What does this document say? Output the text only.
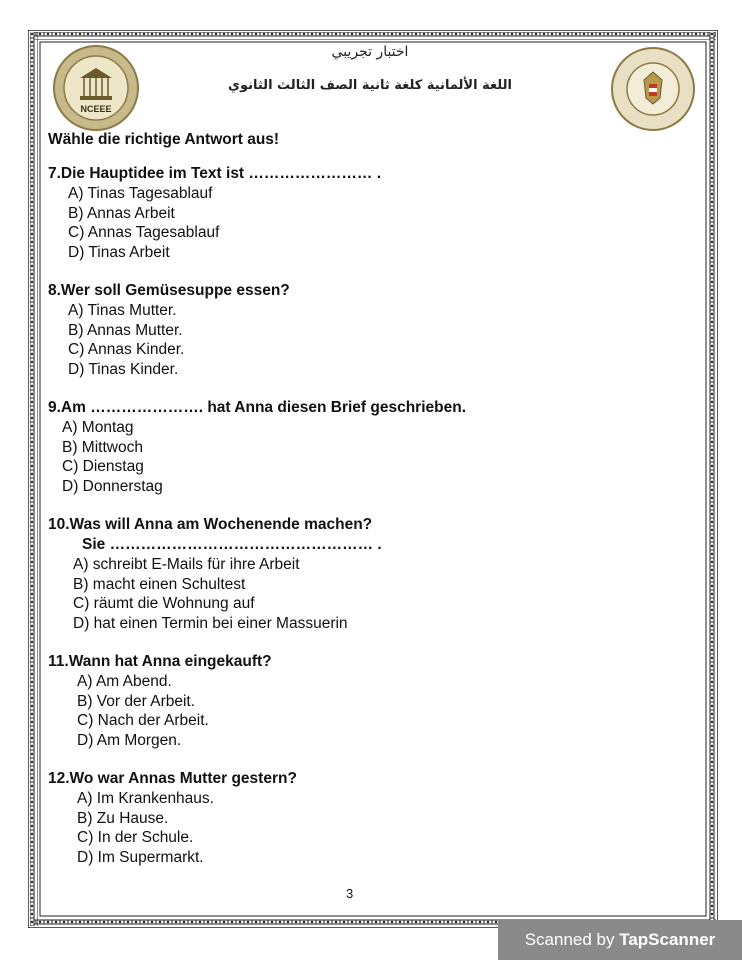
NCEEE
اختبار تجريبي
اللغة الألمانية كلغة ثانية الصف الثالث الثانوي
Wähle die richtige Antwort aus!
7.Die Hauptidee im Text ist …………………… .
A) Tinas Tagesablauf
B) Annas Arbeit
C) Annas Tagesablauf
D) Tinas Arbeit
8.Wer soll Gemüsesuppe essen?
A) Tinas Mutter.
B) Annas Mutter.
C) Annas Kinder.
D) Tinas Kinder.
9.Am …………………. hat Anna diesen Brief geschrieben.
A) Montag
B) Mittwoch
C) Dienstag
D) Donnerstag
10.Was will Anna am Wochenende machen?
Sie …………………………………………… .
A) schreibt E-Mails für ihre Arbeit
B) macht einen Schultest
C) räumt die Wohnung auf
D) hat einen Termin bei einer Massuerin
11.Wann hat Anna eingekauft?
A) Am Abend.
B) Vor der Arbeit.
C) Nach der Arbeit.
D) Am Morgen.
12.Wo war Annas Mutter gestern?
A) Im Krankenhaus.
B) Zu Hause.
C) In der Schule.
D) Im Supermarkt.
3
Scanned by TapScanner
